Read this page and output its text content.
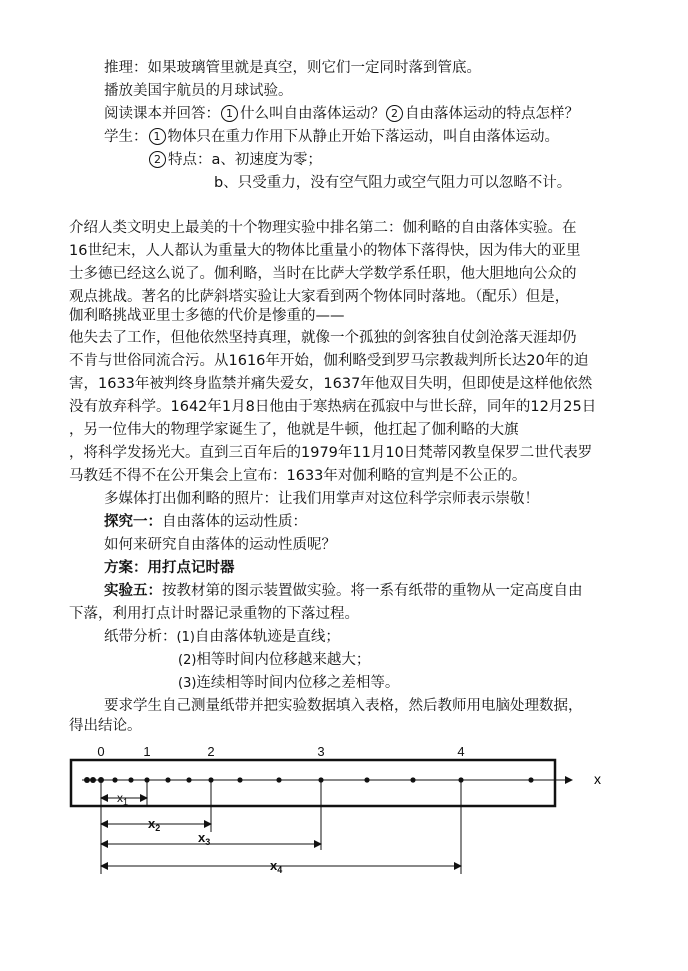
推理：如果玻璃管里就是真空，则它们一定同时落到管底。
播放美国宇航员的月球试验。
阅读课本并回答： 1 什么叫自由落体运动？ 2 自由落体运动的特点怎样？
学生： 1 物体只在重力作用下从静止开始下落运动，叫自由落体运动。
2 特点：a、初速度为零；
b、只受重力，没有空气阻力或空气阻力可以忽略不计。
介绍人类文明史上最美的十个物理实验中排名第二：伽利略的自由落体实验。在
16世纪末，人人都认为重量大的物体比重量小的物体下落得快，因为伟大的亚里
士多德已经这么说了。伽利略，当时在比萨大学数学系任职，他大胆地向公众的
观点挑战。著名的比萨斜塔实验让大家看到两个物体同时落地。（配乐）但是，
伽利略挑战亚里士多德的代价是惨重的——
他失去了工作，但他依然坚持真理，就像一个孤独的剑客独自仗剑沧落天涯却仍
不肯与世俗同流合污。从1616年开始，伽利略受到罗马宗教裁判所长达20年的迫
害，1633年被判终身监禁并痛失爱女，1637年他双目失明，但即使是这样他依然
没有放弃科学。1642年1月8日他由于寒热病在孤寂中与世长辞，同年的12月25日
，另一位伟大的物理学家诞生了，他就是牛顿，他扛起了伽利略的大旗
，将科学发扬光大。直到三百年后的1979年11月10日梵蒂冈教皇保罗二世代表罗
马教廷不得不在公开集会上宣布：1633年对伽利略的宣判是不公正的。
多媒体打出伽利略的照片：让我们用掌声对这位科学宗师表示崇敬！
探究一：自由落体的运动性质：
如何来研究自由落体的运动性质呢？
方案：用打点记时器
实验五：按教材第的图示装置做实验。将一系有纸带的重物从一定高度自由
下落，利用打点计时器记录重物的下落过程。
纸带分析：(1)自由落体轨迹是直线；
(2)相等时间内位移越来越大；
(3)连续相等时间内位移之差相等。
要求学生自己测量纸带并把实验数据填入表格，然后教师用电脑处理数据，
得出结论。
x
0	1	2	3	4
$x_1$
$x_2$
$x_3$
$x_4$
